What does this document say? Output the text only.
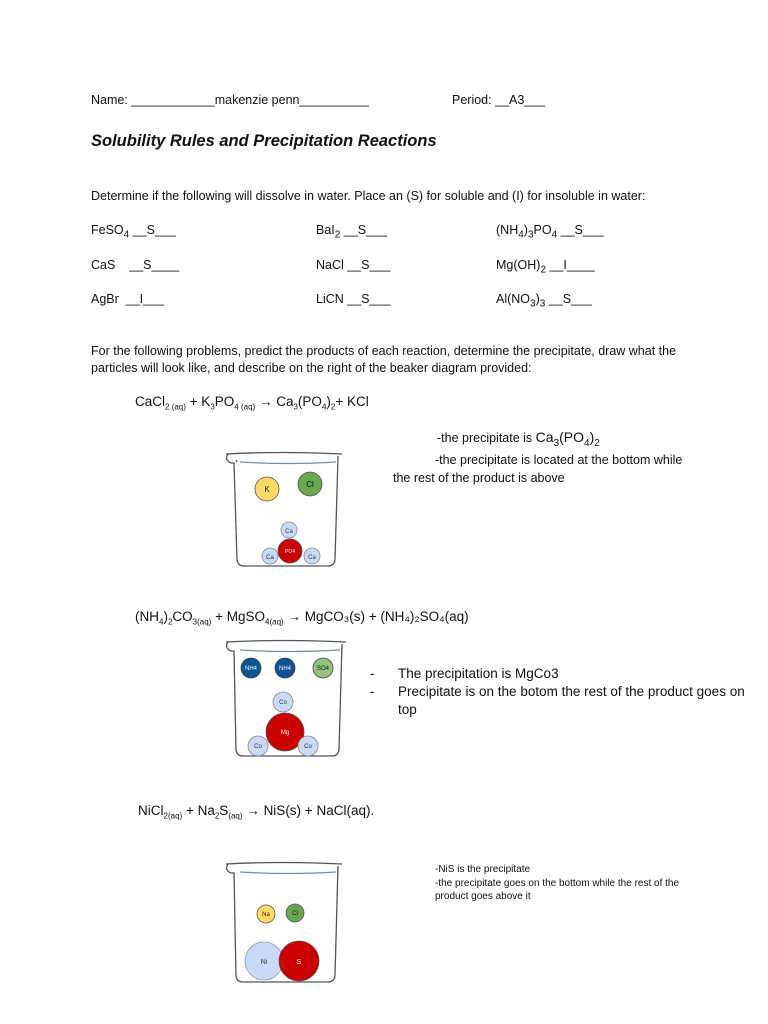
Name: ____________makenzie penn__________	Period: __A3___
Solubility Rules and Precipitation Reactions
Determine if the following will dissolve in water. Place an (S) for soluble and (I) for insoluble in water:
FeSO$_4$ __S___	BaI$_2$ __S___	$(NH_4)_3PO_4$ __S___
CaS    __S____	NaCl __S___	$Mg(OH)_2$ __I____
AgBr  __I___	LiCN __S___	$Al(NO_3)_3$ __S___
For the following problems, predict the products of each reaction, determine the precipitate, draw what the
particles will look like, and describe on the right of the beaker diagram provided:
CaCl$_{2 (aq)}$ + $K_3PO_{4 (aq)} \to Ca_3(PO_4)_2+$ KCl
-the precipitate is $Ca_3(PO_4)_2$
-the precipitate is located at the bottom while
the rest of the product is above
K
Cl
Ca
Ca	Ca
PO4
$(NH_4)_2CO_{3(aq)}$ + MgSO$_{4(aq)}$ → MgCO₃(s) + (NH₄)₂SO₄(aq)
- The precipitation is MgCo3
- Precipitate is on the botom the rest of the product goes on
top
NH4	NH4	SO4
Co
Mg
Co	Co
NiCl$_{2(aq)}$ + $Na_2S_{(aq)} \to NiS(s)$ + NaCl(aq).
-NiS is the precipitate
-the precipitate goes on the bottom while the rest of the
product goes above it
Na	Cl
Ni	S
